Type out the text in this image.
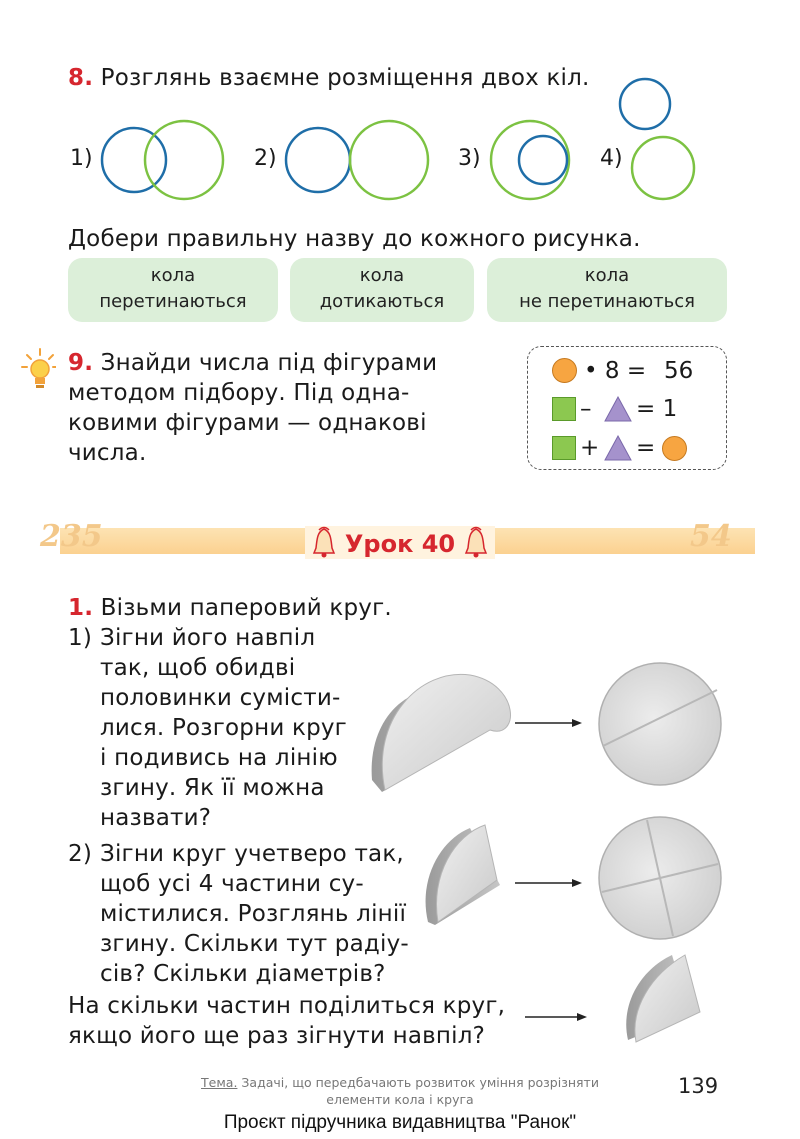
8. Розглянь взаємне розміщення двох кіл.
1)	2)	3)	4)
Добери правильну назву до кожного рисунка.
кола
перетинаються
кола
дотикаються
кола
не перетинаються
9. Знайди числа під фігурами
методом підбору. Під одна-
ковими фігурами — однакові
числа.
• 8 = 56
– = 1
+ =
235	54
Урок 40
1. Візьми паперовий круг.
1) Зігни його навпіл
так, щоб обидві
половинки сумісти-
лися. Розгорни круг
і подивись на лінію
згину. Як її можна
назвати?
2) Зігни круг учетверо так,
щоб усі 4 частини су-
містилися. Розглянь лінії
згину. Скільки тут радіу-
сів? Скільки діаметрів?
На скільки частин поділиться круг,
якщо його ще раз зігнути навпіл?
Тема. Задачі, що передбачають розвиток уміння розрізняти
елементи кола і круга
139
Проєкт підручника видавництва "Ранок"
